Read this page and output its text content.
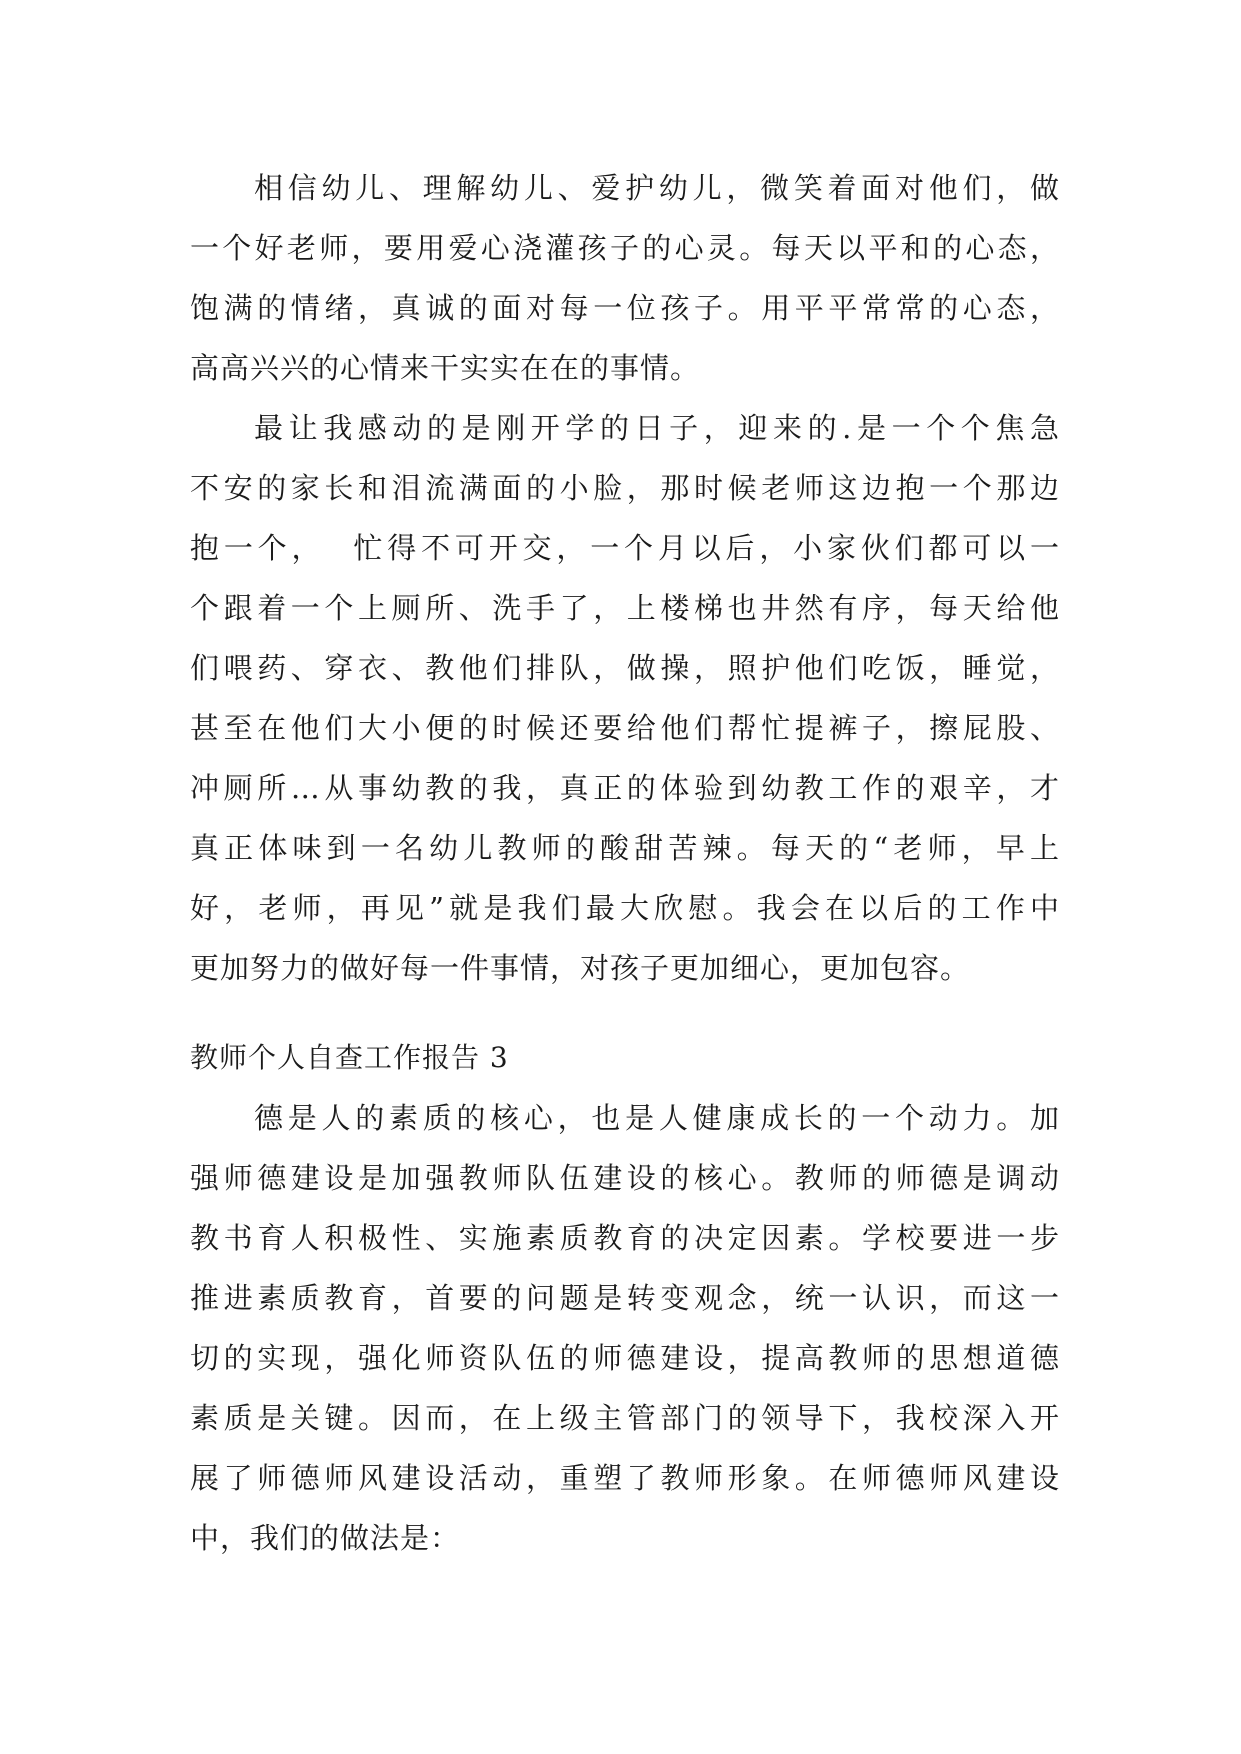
相信幼儿、理解幼儿、爱护幼儿，微笑着面对他们，做
一个好老师，要用爱心浇灌孩子的心灵。每天以平和的心态，
饱满的情绪，真诚的面对每一位孩子。用平平常常的心态，
高高兴兴的心情来干实实在在的事情。
最让我感动的是刚开学的日子，迎来的.是一个个焦急
不安的家长和泪流满面的小脸，那时候老师这边抱一个那边
抱一个，  忙得不可开交，一个月以后，小家伙们都可以一
个跟着一个上厕所、洗手了，上楼梯也井然有序，每天给他
们喂药、穿衣、教他们排队，做操，照护他们吃饭，睡觉，
甚至在他们大小便的时候还要给他们帮忙提裤子，擦屁股、
冲厕所…从事幼教的我，真正的体验到幼教工作的艰辛，才
真正体味到一名幼儿教师的酸甜苦辣。每天的“老师，早上
好，老师，再见”就是我们最大欣慰。我会在以后的工作中
更加努力的做好每一件事情，对孩子更加细心，更加包容。
教师个人自查工作报告 3
德是人的素质的核心，也是人健康成长的一个动力。加
强师德建设是加强教师队伍建设的核心。教师的师德是调动
教书育人积极性、实施素质教育的决定因素。学校要进一步
推进素质教育，首要的问题是转变观念，统一认识，而这一
切的实现，强化师资队伍的师德建设，提高教师的思想道德
素质是关键。因而，在上级主管部门的领导下，我校深入开
展了师德师风建设活动，重塑了教师形象。在师德师风建设
中，我们的做法是：
